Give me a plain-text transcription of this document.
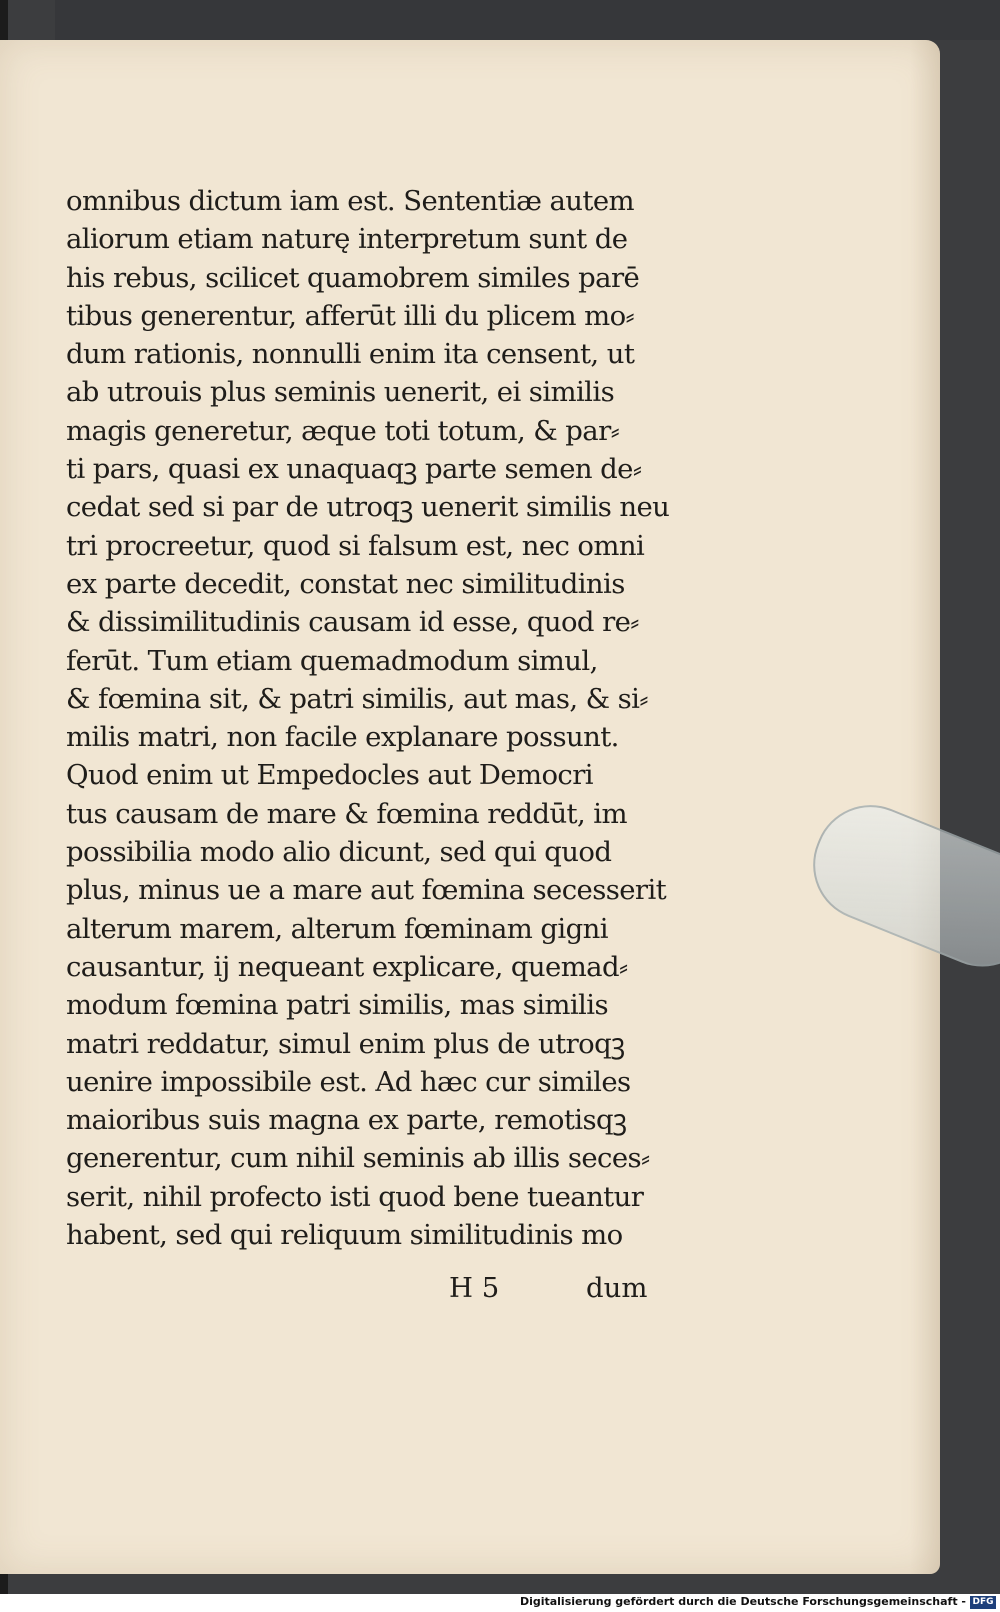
omnibus dictum iam est. Sententiæ autem
aliorum etiam naturę interpretum sunt de
his rebus, scilicet quamobrem similes parē
tibus generentur, afferūt illi du plicem mo⸗
dum rationis, nonnulli enim ita censent, ut
ab utrouis plus seminis uenerit, ei similis
magis generetur, æque toti totum, & par⸗
ti pars, quasi ex unaquaqꝫ parte semen de⸗
cedat sed si par de utroqꝫ uenerit similis neu
tri procreetur, quod si falsum est, nec omni
ex parte decedit, constat nec similitudinis
& dissimilitudinis causam id esse, quod re⸗
ferūt. Tum etiam quemadmodum simul,
& fœmina sit, & patri similis, aut mas, & si⸗
milis matri, non facile explanare possunt.
Quod enim ut Empedocles aut Democri
tus causam de mare & fœmina reddūt, im
possibilia modo alio dicunt, sed qui quod
plus, minus ue a mare aut fœmina secesserit
alterum marem, alterum fœminam gigni
causantur, ij nequeant explicare, quemad⸗
modum fœmina patri similis, mas similis
matri reddatur, simul enim plus de utroqꝫ
uenire impossibile est. Ad hæc cur similes
maioribus suis magna ex parte, remotisqꝫ
generentur, cum nihil seminis ab illis seces⸗
serit, nihil profecto isti quod bene tueantur
habent, sed qui reliquum similitudinis mo
H 5	dum
Digitalisierung gefördert durch die Deutsche Forschungsgemeinschaft - DFG
